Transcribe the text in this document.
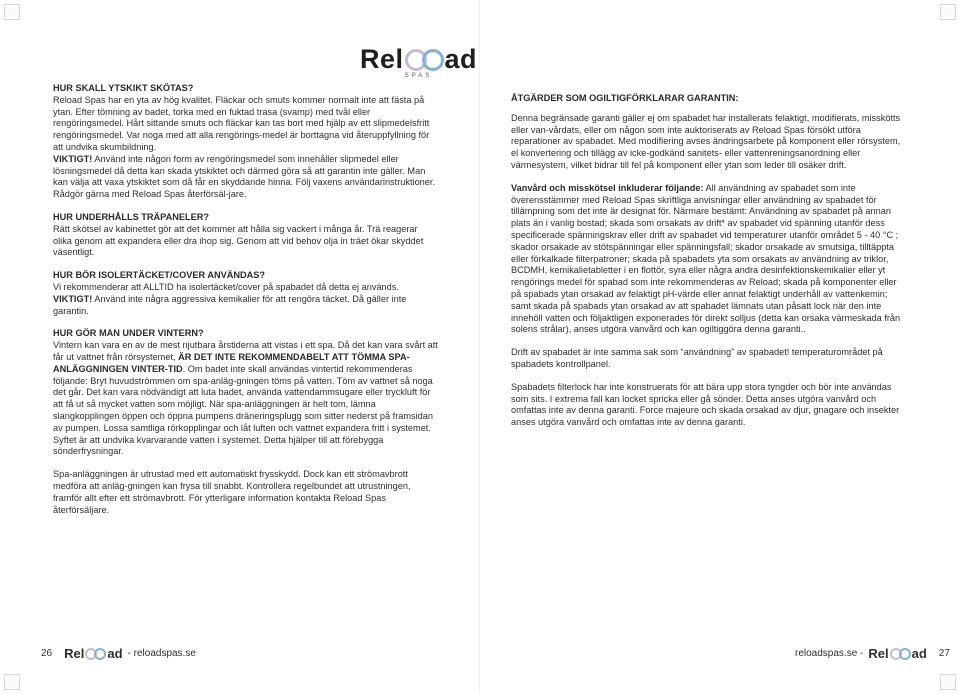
HUR SKALL YTSKIKT SKÖTAS?
Reload Spas har en yta av hög kvalitet. Fläckar och smuts kommer normalt inte att fästa på ytan. Efter tömning av badet, torka med en fuktad trasa (svamp) med tvål eller rengöringsmedel. Hårt sittande smuts och fläckar kan tas bort med hjälp av ett slipmedelsfritt rengöringsmedel. Var noga med att alla rengörings-medel är borttagna vid återuppfyllning för att undvika skumbildning.
VIKTIGT! Använd inte någon form av rengöringsmedel som innehåller slipmedel eller lösningsmedel då detta kan skada ytskiktet och därmed göra så att garantin inte gäller. Man kan välja att vaxa ytskiktet som då får en skyddande hinna. Följ vaxens användarinstruktioner. Rådgör gärna med Reload Spas återförsäl-jare.

HUR UNDERHÅLLS TRÄPANELER?
Rätt skötsel av kabinettet gör att det kommer att hålla sig vackert i många år. Trä reagerar olika genom att expandera eller dra ihop sig. Genom att vid behov olja in träet ökar skyddet väsentligt.

HUR BÖR ISOLERTÄCKET/COVER ANVÄNDAS?
Vi rekommenderar att ALLTID ha isolertäcket/cover på spabadet då detta ej används.
VIKTIGT! Använd inte några aggressiva kemikalier för att rengöra täcket. Då gäller inte garantin.

HUR GÖR MAN UNDER VINTERN?
Vintern kan vara en av de mest njutbara årstiderna att vistas i ett spa. Då det kan vara svårt att får ut vattnet från rörsystemet, ÄR DET INTE REKOMMENDABELT ATT TÖMMA SPA-ANLÄGGNINGEN VINTER-TID. Om badet inte skall användas vintertid rekommenderas följande: Bryt huvudströmmen om spa-anläg-gningen töms på vatten. Töm av vattnet så noga det går. Det kan vara nödvändigt att luta badet, använda vattendammsugare eller tryckluft för att få ut så mycket vatten som möjligt. När spa-anläggningen är helt tom, lämna slangkopplingen öppen och öppna pumpens dräneringsplugg som sitter nederst på framsidan av pumpen. Lossa samtliga rörkopplingar och låt luften och vattnet expandera fritt i systemet. Syftet är att undvika kvarvarande vatten i systemet. Detta hjälper till att förebygga sönderfrysningar.

Spa-anläggningen är utrustad med ett automatiskt frysskydd. Dock kan ett strömavbrott medföra att anläg-gningen kan frysa till snabbt. Kontrollera regelbundet att utrustningen, framför allt efter ett strömavbrott. För ytterligare information kontakta Reload Spas återförsäljare.

26 Rel ad - reloadspas.se
Rel ad
SPAS

ÅTGÄRDER SOM OGILTIGFÖRKLARAR GARANTIN:

Denna begränsade garanti gäller ej om spabadet har installerats felaktigt, modifierats, misskötts eller van-vårdats, eller om någon som inte auktoriserats av Reload Spas försökt utföra reparationer av spabadet. Med modifiering avses ändringsarbete på komponent eller rörsystem, el konvertering och tillägg av icke-godkänd sanitets- eller vattenreningsanordning eller värmesystem, vilket bidrar till fel på komponent eller ytan som leder till osäker drift.

Vanvård och misskötsel inkluderar följande: All användning av spabadet som inte överensstämmer med Reload Spas skriftliga anvisningar eller användning av spabadet för tillämpning som det inte är designat för. Närmare bestämt: Användning av spabadet på annan plats än i vanlig bostad; skada som orsakats av drift* av spabadet vid spänning utanför dess specificerade spänningskrav eller drift av spabadet vid temperaturer utanför området 5 - 40 °C ; skador orsakade av stötspänningar eller spänningsfall; skador orsakade av smutsiga, tilltäppta eller förkalkade filterpatroner; skada på spabadets yta som orsakats av användning av triklor, BCDMH, kemikalietabletter i en flottör, syra eller några andra desinfektionskemikalier eller yt rengörings medel för spabad som inte rekommenderas av Reload; skada på komponenter eller på spabads ytan orsakad av felaktigt pH-värde eller annat felaktigt underhåll av vattenkemin; samt skada på spabads ytan orsakad av att spabadet lämnats utan påsatt lock när den inte innehöll vatten och följaktligen exponerades för direkt solljus (detta kan orsaka värmeskada från solens strålar), anses utgöra vanvård och kan ogiltiggöra denna garanti..

Drift av spabadet är inte samma sak som “användning” av spabadet! temperaturområdet på spabadets kontrollpanel.

Spabadets filterlock har inte konstruerats för att bära upp stora tyngder och bör inte användas som sits. I extrema fall kan locket spricka eller gå sönder. Detta anses utgöra vanvård och omfattas inte av denna garanti. Force majeure och skada orsakad av djur, gnagare och insekter anses utgöra vanvård och omfattas inte av denna garanti.

reloadspas.se - Rel ad 27
